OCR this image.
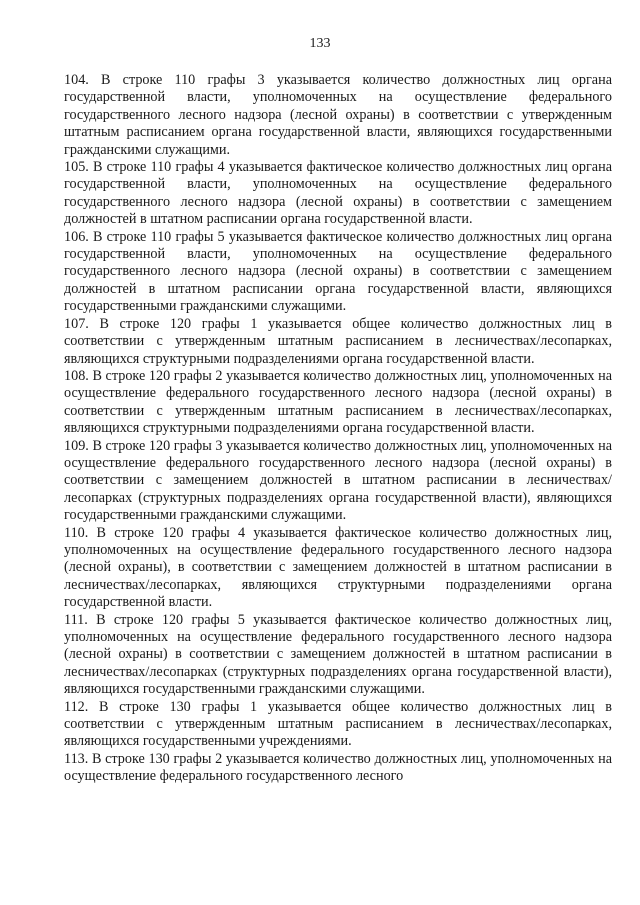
133

104. В строке 110 графы 3 указывается количество должностных лиц органа государственной власти, уполномоченных на осуществление федерального государственного лесного надзора (лесной охраны) в соответствии с утвержденным штатным расписанием органа государственной власти, являющихся государственными гражданскими служащими.

105. В строке 110 графы 4 указывается фактическое количество должностных лиц органа государственной власти, уполномоченных на осуществление федерального государственного лесного надзора (лесной охраны) в соответствии с замещением должностей в штатном расписании органа государственной власти.

106. В строке 110 графы 5 указывается фактическое количество должностных лиц органа государственной власти, уполномоченных на осуществление федерального государственного лесного надзора (лесной охраны) в соответствии с замещением должностей в штатном расписании органа государственной власти, являющихся государственными гражданскими служащими.

107. В строке 120 графы 1 указывается общее количество должностных лиц в соответствии с утвержденным штатным расписанием в лесничествах/лесопарках, являющихся структурными подразделениями органа государственной власти.

108. В строке 120 графы 2 указывается количество должностных лиц, уполномоченных на осуществление федерального государственного лесного надзора (лесной охраны) в соответствии с утвержденным штатным расписанием в лесничествах/лесопарках, являющихся структурными подразделениями органа государственной власти.

109. В строке 120 графы 3 указывается количество должностных лиц, уполномоченных на осуществление федерального государственного лесного надзора (лесной охраны) в соответствии с замещением должностей в штатном расписании в лесничествах/лесопарках (структурных подразделениях органа государственной власти), являющихся государственными гражданскими служащими.

110. В строке 120 графы 4 указывается фактическое количество должностных лиц, уполномоченных на осуществление федерального государственного лесного надзора (лесной охраны), в соответствии с замещением должностей в штатном расписании в лесничествах/лесопарках, являющихся структурными подразделениями органа государственной власти.

111. В строке 120 графы 5 указывается фактическое количество должностных лиц, уполномоченных на осуществление федерального государственного лесного надзора (лесной охраны) в соответствии с замещением должностей в штатном расписании в лесничествах/лесопарках (структурных подразделениях органа государственной власти), являющихся государственными гражданскими служащими.

112. В строке 130 графы 1 указывается общее количество должностных лиц в соответствии с утвержденным штатным расписанием в лесничествах/лесопарках, являющихся государственными учреждениями.

113. В строке 130 графы 2 указывается количество должностных лиц, уполномоченных на осуществление федерального государственного лесного
